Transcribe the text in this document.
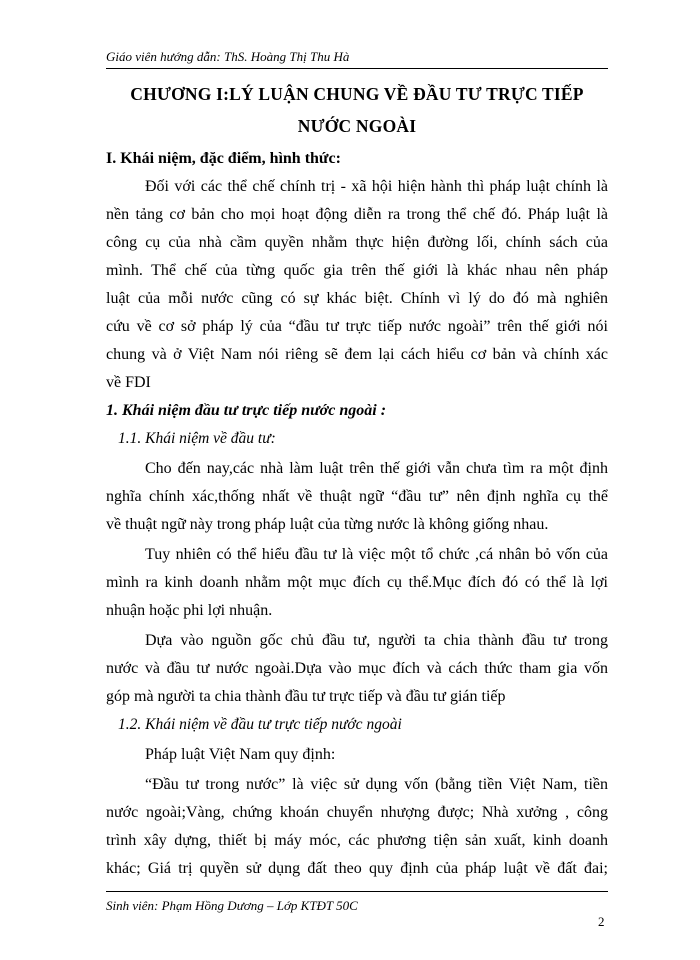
Giáo viên hướng dẫn: ThS. Hoàng Thị Thu Hà
CHƯƠNG I:LÝ LUẬN CHUNG VỀ ĐẦU TƯ TRỰC TIẾP
NƯỚC NGOÀI
I. Khái niệm, đặc điểm, hình thức:
Đối với các thể chế chính trị - xã hội hiện hành thì pháp luật chính là
nền tảng cơ bản cho mọi hoạt động diễn ra trong thể chế đó. Pháp luật là
công cụ của nhà cầm quyền nhằm thực hiện đường lối, chính sách của
mình. Thể chế của từng quốc gia trên thế giới là khác nhau nên pháp
luật của mỗi nước cũng có sự khác biệt. Chính vì lý do đó mà nghiên
cứu về cơ sở pháp lý của “đầu tư trực tiếp nước ngoài” trên thế giới nói
chung và ở Việt Nam nói riêng sẽ đem lại cách hiểu cơ bản và chính xác
về FDI
1. Khái niệm đầu tư trực tiếp nước ngoài :
1.1. Khái niệm về đầu tư:
Cho đến nay,các nhà làm luật trên thế giới vẫn chưa tìm ra một định
nghĩa chính xác,thống nhất về thuật ngữ “đầu tư” nên định nghĩa cụ thể
về thuật ngữ này trong pháp luật của từng nước là không giống nhau.
Tuy nhiên có thể hiểu đầu tư là việc một tổ chức ,cá nhân bỏ vốn của
mình ra kinh doanh nhằm một mục đích cụ thể.Mục đích đó có thể là lợi
nhuận hoặc phi lợi nhuận.
Dựa vào nguồn gốc chủ đầu tư, người ta chia thành đầu tư trong
nước và đầu tư nước ngoài.Dựa vào mục đích và cách thức tham gia vốn
góp mà người ta chia thành đầu tư trực tiếp và đầu tư gián tiếp
1.2. Khái niệm về đầu tư trực tiếp nước ngoài
Pháp luật Việt Nam quy định:
“Đầu tư trong nước” là việc sử dụng vốn (bằng tiền Việt Nam, tiền
nước ngoài;Vàng, chứng khoán chuyển nhượng được; Nhà xưởng , công
trình xây dựng, thiết bị máy móc, các phương tiện sản xuất, kinh doanh
khác; Giá trị quyền sử dụng đất theo quy định của pháp luật về đất đai;
Sinh viên: Phạm Hồng Dương – Lớp KTĐT 50C
2
